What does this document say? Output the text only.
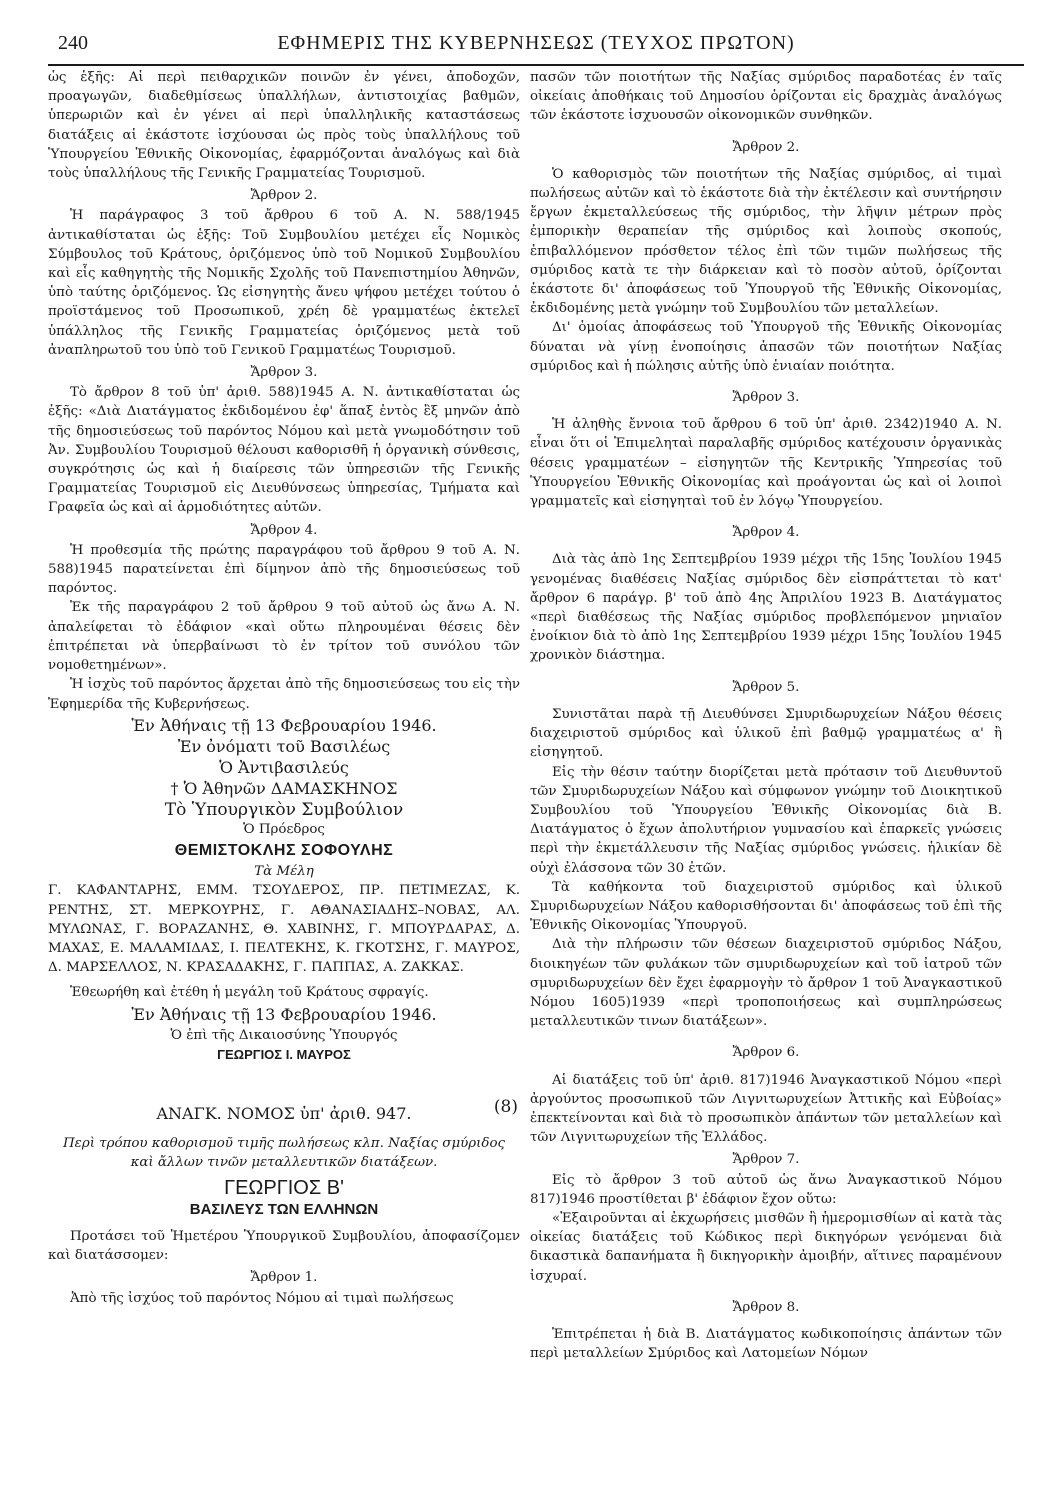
240	ΕΦΗΜΕΡΙΣ ΤΗΣ ΚΥΒΕΡΝΗΣΕΩΣ (ΤΕΥΧΟΣ ΠΡΩΤΟΝ)

ὡς ἑξῆς: Αἱ περὶ πειθαρχικῶν ποινῶν ἐν γένει, ἀποδοχῶν, προαγωγῶν, διαδεθμίσεως ὑπαλλήλων, ἀντιστοιχίας βαθμῶν, ὑπερωριῶν καὶ ἐν γένει αἱ περὶ ὑπαλληλικῆς καταστάσεως διατάξεις αἱ ἑκάστοτε ἰσχύουσαι ὡς πρὸς τοὺς ὑπαλλήλους τοῦ Ὑπουργείου Ἐθνικῆς Οἰκονομίας, ἐφαρμόζονται ἀναλόγως καὶ διὰ τοὺς ὑπαλλήλους τῆς Γενικῆς Γραμματείας Τουρισμοῦ.

Ἄρθρον 2.

Ἡ παράγραφος 3 τοῦ ἄρθρου 6 τοῦ Α. Ν. 588/1945 ἀντικαθίσταται ὡς ἑξῆς: Τοῦ Συμβουλίου μετέχει εἷς Νομικὸς Σύμβουλος τοῦ Κράτους, ὁριζόμενος ὑπὸ τοῦ Νομικοῦ Συμβουλίου καὶ εἷς καθηγητὴς τῆς Νομικῆς Σχολῆς τοῦ Πανεπιστημίου Ἀθηνῶν, ὑπὸ ταύτης ὁριζόμενος. Ὡς εἰσηγητὴς ἄνευ ψήφου μετέχει τούτου ὁ προϊστάμενος τοῦ Προσωπικοῦ, χρέη δὲ γραμματέως ἐκτελεῖ ὑπάλληλος τῆς Γενικῆς Γραμματείας ὁριζόμενος μετὰ τοῦ ἀναπληρωτοῦ του ὑπὸ τοῦ Γενικοῦ Γραμματέως Τουρισμοῦ.

Ἄρθρον 3.

Τὸ ἄρθρον 8 τοῦ ὑπ' ἀριθ. 588)1945 Α. Ν. ἀντικαθίσταται ὡς ἑξῆς: «Διὰ Διατάγματος ἐκδιδομένου ἐφ' ἅπαξ ἐντὸς ἓξ μηνῶν ἀπὸ τῆς δημοσιεύσεως τοῦ παρόντος Νόμου καὶ μετὰ γνωμοδότησιν τοῦ Ἀν. Συμβουλίου Τουρισμοῦ θέλουσι καθορισθῆ ἡ ὀργανικὴ σύνθεσις, συγκρότησις ὡς καὶ ἡ διαίρεσις τῶν ὑπηρεσιῶν τῆς Γενικῆς Γραμματείας Τουρισμοῦ εἰς Διευθύνσεως ὑπηρεσίας, Τμήματα καὶ Γραφεῖα ὡς καὶ αἱ ἁρμοδιότητες αὐτῶν.

Ἄρθρον 4.

Ἡ προθεσμία τῆς πρώτης παραγράφου τοῦ ἄρθρου 9 τοῦ Α. Ν. 588)1945 παρατείνεται ἐπὶ δίμηνον ἀπὸ τῆς δημοσιεύσεως τοῦ παρόντος.

Ἐκ τῆς παραγράφου 2 τοῦ ἄρθρου 9 τοῦ αὐτοῦ ὡς ἄνω Α. Ν. ἀπαλείφεται τὸ ἐδάφιον «καὶ οὕτω πληρουμέναι θέσεις δὲν ἐπιτρέπεται νὰ ὑπερβαίνωσι τὸ ἐν τρίτον τοῦ συνόλου τῶν νομοθετημένων».

Ἡ ἰσχὺς τοῦ παρόντος ἄρχεται ἀπὸ τῆς δημοσιεύσεως του εἰς τὴν Ἐφημερίδα τῆς Κυβερνήσεως.

Ἐν Ἀθήναις τῇ 13 Φεβρουαρίου 1946.
Ἐν ὀνόματι τοῦ Βασιλέως
Ὁ Ἀντιβασιλεύς
† Ὁ Ἀθηνῶν ΔΑΜΑΣΚΗΝΟΣ
Τὸ Ὑπουργικὸν Συμβούλιον
Ὁ Πρόεδρος
ΘΕΜΙΣΤΟΚΛΗΣ ΣΟΦΟΥΛΗΣ
Τὰ Μέλη

Γ. ΚΑΦΑΝΤΑΡΗΣ, ΕΜΜ. ΤΣΟΥΔΕΡΟΣ, ΠΡ. ΠΕΤΙΜΕΖΑΣ, Κ. ΡΕΝΤΗΣ, ΣΤ. ΜΕΡΚΟΥΡΗΣ, Γ. ΑΘΑΝΑΣΙΑΔΗΣ–ΝΟΒΑΣ, ΑΛ. ΜΥΛΩΝΑΣ, Γ. ΒΟΡΑΖΑΝΗΣ, Θ. ΧΑΒΙΝΗΣ, Γ. ΜΠΟΥΡΔΑΡΑΣ, Δ. ΜΑΧΑΣ, Ε. ΜΑΛΑΜΙΔΑΣ, Ι. ΠΕΛΤΕΚΗΣ, Κ. ΓΚΟΤΣΗΣ, Γ. ΜΑΥΡΟΣ, Δ. ΜΑΡΣΕΛΛΟΣ, Ν. ΚΡΑΣΑΔΑΚΗΣ, Γ. ΠΑΠΠΑΣ, Α. ΖΑΚΚΑΣ.

Ἐθεωρήθη καὶ ἐτέθη ἡ μεγάλη τοῦ Κράτους σφραγίς.

Ἐν Ἀθήναις τῇ 13 Φεβρουαρίου 1946.
Ὁ ἐπὶ τῆς Δικαιοσύνης Ὑπουργός
ΓΕΩΡΓΙΟΣ Ι. ΜΑΥΡΟΣ
ΑΝΑΓΚ. ΝΟΜΟΣ ὑπ' ἀριθ. 947.	(8)
Περὶ τρόπου καθορισμοῦ τιμῆς πωλήσεως κλπ. Ναξίας σμύριδος καὶ ἄλλων τινῶν μεταλλευτικῶν διατάξεων.
ΓΕΩΡΓΙΟΣ Β'
ΒΑΣΙΛΕΥΣ ΤΩΝ ΕΛΛΗΝΩΝ

Προτάσει τοῦ Ἡμετέρου Ὑπουργικοῦ Συμβουλίου, ἀποφασίζομεν καὶ διατάσσομεν:

Ἄρθρον 1.

Ἀπὸ τῆς ἰσχύος τοῦ παρόντος Νόμου αἱ τιμαὶ πωλήσεως

πασῶν τῶν ποιοτήτων τῆς Ναξίας σμύριδος παραδοτέας ἐν ταῖς οἰκείαις ἀποθήκαις τοῦ Δημοσίου ὁρίζονται εἰς δραχμὰς ἀναλόγως τῶν ἑκάστοτε ἰσχυουσῶν οἰκονομικῶν συνθηκῶν.

Ἄρθρον 2.

Ὁ καθορισμὸς τῶν ποιοτήτων τῆς Ναξίας σμύριδος, αἱ τιμαὶ πωλήσεως αὐτῶν καὶ τὸ ἑκάστοτε διὰ τὴν ἐκτέλεσιν καὶ συντήρησιν ἔργων ἐκμεταλλεύσεως τῆς σμύριδος, τὴν λῆψιν μέτρων πρὸς ἐμπορικὴν θεραπείαν τῆς σμύριδος καὶ λοιποὺς σκοπούς, ἐπιβαλλόμενον πρόσθετον τέλος ἐπὶ τῶν τιμῶν πωλήσεως τῆς σμύριδος κατὰ τε τὴν διάρκειαν καὶ τὸ ποσὸν αὐτοῦ, ὁρίζονται ἑκάστοτε δι' ἀποφάσεως τοῦ Ὑπουργοῦ τῆς Ἐθνικῆς Οἰκονομίας, ἐκδιδομένης μετὰ γνώμην τοῦ Συμβουλίου τῶν μεταλλείων.

Δι' ὁμοίας ἀποφάσεως τοῦ Ὑπουργοῦ τῆς Ἐθνικῆς Οἰκονομίας δύναται νὰ γίνῃ ἑνοποίησις ἁπασῶν τῶν ποιοτήτων Ναξίας σμύριδος καὶ ἡ πώλησις αὐτῆς ὑπὸ ἑνιαίαν ποιότητα.

Ἄρθρον 3.

Ἡ ἀληθὴς ἔννοια τοῦ ἄρθρου 6 τοῦ ὑπ' ἀριθ. 2342)1940 Α. Ν. εἶναι ὅτι οἱ Ἐπιμεληταὶ παραλαβῆς σμύριδος κατέχουσιν ὀργανικὰς θέσεις γραμματέων – εἰσηγητῶν τῆς Κεντρικῆς Ὑπηρεσίας τοῦ Ὑπουργείου Ἐθνικῆς Οἰκονομίας καὶ προάγονται ὡς καὶ οἱ λοιποὶ γραμματεῖς καὶ εἰσηγηταὶ τοῦ ἐν λόγῳ Ὑπουργείου.

Ἄρθρον 4.

Διὰ τὰς ἀπὸ 1ης Σεπτεμβρίου 1939 μέχρι τῆς 15ης Ἰουλίου 1945 γενομένας διαθέσεις Ναξίας σμύριδος δὲν εἰσπράττεται τὸ κατ' ἄρθρον 6 παράγρ. β' τοῦ ἀπὸ 4ης Ἀπριλίου 1923 Β. Διατάγματος «περὶ διαθέσεως τῆς Ναξίας σμύριδος προβλεπόμενον μηνιαῖον ἐνοίκιον διὰ τὸ ἀπὸ 1ης Σεπτεμβρίου 1939 μέχρι 15ης Ἰουλίου 1945 χρονικὸν διάστημα.

Ἄρθρον 5.

Συνιστᾶται παρὰ τῇ Διευθύνσει Σμυριδωρυχείων Νάξου θέσεις διαχειριστοῦ σμύριδος καὶ ὑλικοῦ ἐπὶ βαθμῷ γραμματέως α' ἢ εἰσηγητοῦ.

Εἰς τὴν θέσιν ταύτην διορίζεται μετὰ πρότασιν τοῦ Διευθυντοῦ τῶν Σμυριδωρυχείων Νάξου καὶ σύμφωνον γνώμην τοῦ Διοικητικοῦ Συμβουλίου τοῦ Ὑπουργείου Ἐθνικῆς Οἰκονομίας διὰ Β. Διατάγματος ὁ ἔχων ἀπολυτήριον γυμνασίου καὶ ἐπαρκεῖς γνώσεις περὶ τὴν ἐκμετάλλευσιν τῆς Ναξίας σμύριδος γνώσεις. ἡλικίαν δὲ οὐχὶ ἐλάσσονα τῶν 30 ἐτῶν.

Τὰ καθήκοντα τοῦ διαχειριστοῦ σμύριδος καὶ ὑλικοῦ Σμυριδωρυχείων Νάξου καθορισθήσονται δι' ἀποφάσεως τοῦ ἐπὶ τῆς Ἐθνικῆς Οἰκονομίας Ὑπουργοῦ.

Διὰ τὴν πλήρωσιν τῶν θέσεων διαχειριστοῦ σμύριδος Νάξου, διοικηγέων τῶν φυλάκων τῶν σμυριδωρυχείων καὶ τοῦ ἰατροῦ τῶν σμυριδωρυχείων δὲν ἔχει ἐφαρμογὴν τὸ ἄρθρον 1 τοῦ Ἀναγκαστικοῦ Νόμου 1605)1939 «περὶ τροποποιήσεως καὶ συμπληρώσεως μεταλλευτικῶν τινων διατάξεων».

Ἄρθρον 6.

Αἱ διατάξεις τοῦ ὑπ' ἀριθ. 817)1946 Ἀναγκαστικοῦ Νόμου «περὶ ἀργούντος προσωπικοῦ τῶν Λιγνιτωρυχείων Ἀττικῆς καὶ Εὐβοίας» ἐπεκτείνονται καὶ διὰ τὸ προσωπικὸν ἁπάντων τῶν μεταλλείων καὶ τῶν Λιγνιτωρυχείων τῆς Ἑλλάδος.

Ἄρθρον 7.

Εἰς τὸ ἄρθρον 3 τοῦ αὐτοῦ ὡς ἄνω Ἀναγκαστικοῦ Νόμου 817)1946 προστίθεται β' ἐδάφιον ἔχον οὕτω:

«Ἐξαιροῦνται αἱ ἐκχωρήσεις μισθῶν ἢ ἡμερομισθίων αἱ κατὰ τὰς οἰκείας διατάξεις τοῦ Κώδικος περὶ δικηγόρων γενόμεναι διὰ δικαστικὰ δαπανήματα ἢ δικηγορικὴν ἀμοιβήν, αἵτινες παραμένουν ἰσχυραί.

Ἄρθρον 8.

Ἐπιτρέπεται ἡ διὰ Β. Διατάγματος κωδικοποίησις ἁπάντων τῶν περὶ μεταλλείων Σμύριδος καὶ Λατομείων Νόμων
